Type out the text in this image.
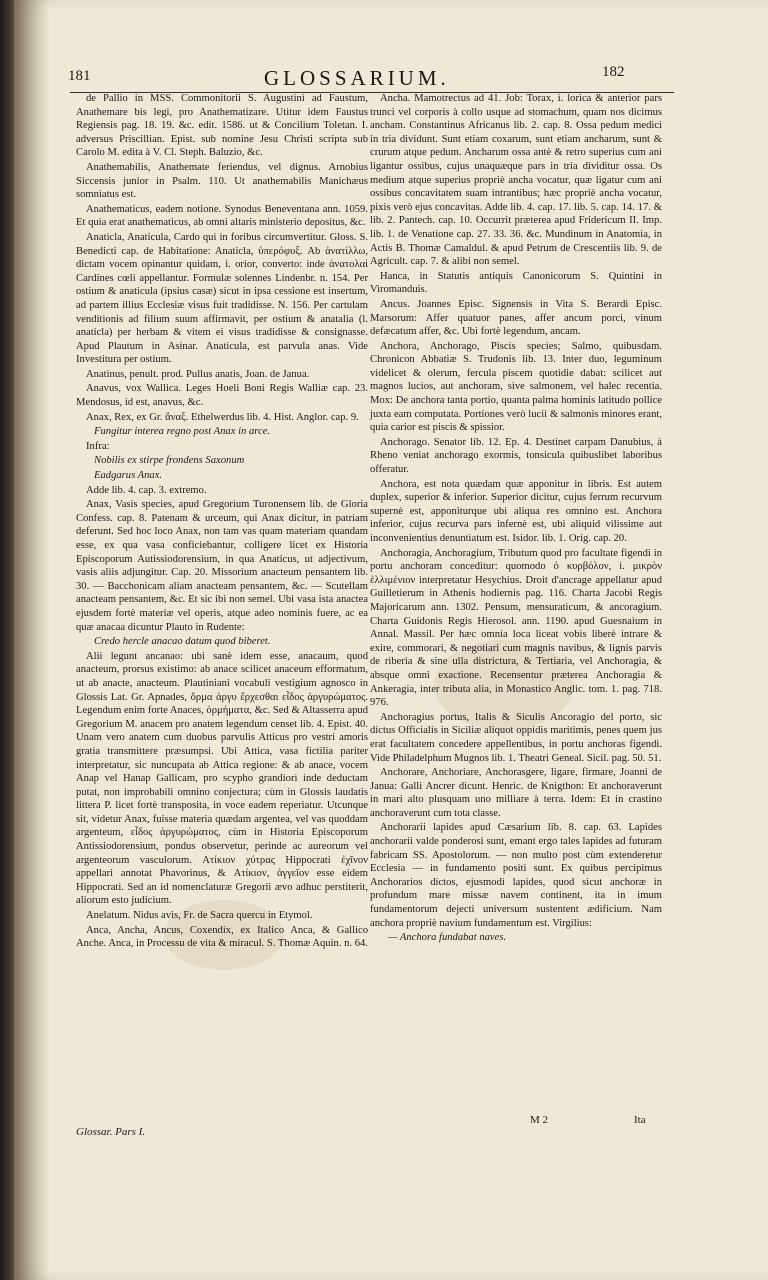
181	GLOSSARIUM.	182

de Pallio in MSS. Commonitorii S. Augustini ad Faustum, Anathemare bis legi, pro Anathematizare. Utitur idem Faustus Regiensis pag. 18. 19. &c. edit. 1586. ut & Concilium Toletan. I. adversus Priscillian. Epist. sub nomine Jesu Christi scripta sub Carolo M. edita à V. Cl. Steph. Baluzio, &c.

Anathemabilis, Anathemate feriendus, vel dignus. Arnobius Siccensis junior in Psalm. 110. Ut anathemabilis Manichæus somniatus est.

Anathematicus, eadem notione. Synodus Beneventana ann. 1059. Et quia erat anathematicus, ab omni altaris ministerio depositus, &c.

Anaticla, Anaticula, Cardo qui in foribus circumvertitur. Gloss. S. Benedicti cap. de Habitatione: Anaticla, ὑπερόφυξ. Ab ἀνατίλλω, dictam vocem opinantur quidam, i. orior, converto: inde ἀνατολαὶ Cardines cœli appellantur. Formulæ solennes Lindenbr. n. 154. Per ostium & anaticula (ipsius casæ) sicut in ipsa cessione est insertum, ad partem illius Ecclesiæ visus fuit tradidisse. N. 156. Per cartulam venditionis ad filium suum affirmavit, per ostium & anatalia (l. anaticla) per herbam & vitem ei visus tradidisse & consignasse. Apud Plautum in Asinar. Anaticula, est parvula anas. Vide Investitura per ostium.

Anatinus, penult. prod. Pullus anatis, Joan. de Janua.

Anavus, vox Wallica. Leges Hoeli Boni Regis Walliæ cap. 23. Mendosus, id est, anavus, &c.

Anax, Rex, ex Gr. ἄναξ. Ethelwerdus lib. 4. Hist. Anglor. cap. 9.

Fungitur interea regno post Anax in arce.

Infra:

Nobilis ex stirpe frondens Saxonum

Eadgarus Anax.

Adde lib. 4. cap. 3. extremo.

Anax, Vasis species, apud Gregorium Turonensem lib. de Gloria Confess. cap. 8. Patenam & urceum, qui Anax dicitur, in patriam deferunt. Sed hoc loco Anax, non tam vas quam materiam quandam esse, ex qua vasa conficiebantur, colligere licet ex Historia Episcoporum Autissiodorensium, in qua Anaticus, ut adjectivum, vasis aliis adjungitur. Cap. 20. Missorium anacteum pensantem lib. 30. — Bacchonicam aliam anacteam pensantem, &c. — Scutellam anacteam pensantem, &c. Et sic ibi non semel. Ubi vasa ista anactea ejusdem fortè materiæ vel operis, atque adeo nominis fuere, ac ea quæ anacaa dicuntur Plauto in Rudente:

Credo hercle anacao datum quod biberet.

Alii legunt ancanao: ubi sanè idem esse, anacaum, quod anacteum, prorsus existimo: ab anace scilicet anaceum efformatum, ut ab anacte, anacteum. Plautiniani vocabuli vestigium agnosco in Glossis Lat. Gr. Apnades, ὅρμα ἀργυ ἔρχεσθαι εἶδος ἀργυρώματος. Legendum enim forte Anaces, ὁρμήματα, &c. Sed & Altasserra apud Gregorium M. anacem pro anatem legendum censet lib. 4. Epist. 40. Unam vero anatem cum duobus parvulis Atticus pro vestri amoris gratia transmittere præsumpsi. Ubi Attica, vasa fictilia pariter interpretatur, sic nuncupata ab Attica regione: & ab anace, vocem Anap vel Hanap Gallicam, pro scypho grandiori inde deductam putat, non improbabili omnino conjectura; cùm in Glossis laudatis littera P. licet fortè transposita, in voce eadem reperiatur. Utcunque sit, videtur Anax, fuisse materia quædam argentea, vel vas quoddam argenteum, εἶδος ἀργυρώματος, cùm in Historia Episcoporum Antissiodorensium, pondus observetur, perinde ac aureorum vel argenteorum vasculorum. Ατίκιον χύτρας Hippocrati ἐχῖνον appellari annotat Phavorinus, & Ατίκιον, ἀγγεῖον esse eidem Hippocrati. Sed an id nomenclaturæ Gregorii ævo adhuc perstiterit, aliorum esto judicium.

Anelatum. Nidus avis, Fr. de Sacra quercu in Etymol.

Anca, Ancha, Ancus, Coxendix, ex Italico Anca, & Gallico Anche. Anca, in Processu de vita & miracul. S. Thomæ Aquin. n. 64.

Ancha. Mamotrectus ad 41. Job: Torax, i. lorica & anterior pars trunci vel corporis à collo usque ad stomachum, quam nos dicimus ancham. Constantinus Africanus lib. 2. cap. 8. Ossa pedum medici in tria dividunt. Sunt etiam coxarum, sunt etiam ancharum, sunt & crurum atque pedum. Ancharum ossa antè & retro superius cum ani ligantur ossibus, cujus unaquæque pars in tria dividitur ossa. Os medium atque superius propriè ancha vocatur, quæ ligatur cum ani ossibus concavitatem suam intrantibus; hæc propriè ancha vocatur, pixis verò ejus concavitas. Adde lib. 4. cap. 17. lib. 5. cap. 14. 17. & lib. 2. Pantech. cap. 10. Occurrit præterea apud Fridericum II. Imp. lib. 1. de Venatione cap. 27. 33. 36. &c. Mundinum in Anatomia, in Actis B. Thomæ Camaldul. & apud Petrum de Crescentiis lib. 9. de Agricult. cap. 7. & alibi non semel.

Hanca, in Statutis antiquis Canonicorum S. Quintini in Viromanduis.

Ancus. Joannes Episc. Signensis in Vita S. Berardi Episc. Marsorum: Affer quatuor panes, affer ancum porci, vinum defæcatum affer, &c. Ubi fortè legendum, ancam.

Anchora, Anchorago, Piscis species; Salmo, quibusdam. Chronicon Abbatiæ S. Trudonis lib. 13. Inter duo, leguminum videlicet & olerum, fercula piscem quotidie dabat: scilicet aut magnos lucios, aut anchoram, sive salmonem, vel halec recentia. Mox: De anchora tanta portio, quanta palma hominis latitudo pollice juxta eam computata. Portiones verò lucii & salmonis minores erant, quia carior est piscis & spissior.

Anchorago. Senator lib. 12. Ep. 4. Destinet carpam Danubius, à Rheno veniat anchorago exormis, tonsicula quibuslibet laboribus offeratur.

Anchora, est nota quædam quæ apponitur in libris. Est autem duplex, superior & inferior. Superior dicitur, cujus ferrum recurvum supernè est, apponiturque ubi aliqua res omnino est. Anchora inferior, cujus recurva pars infernè est, ubi aliquid vilissime aut inconvenientius denuntiatum est. Isidor. lib. 1. Orig. cap. 20.

Anchoragia, Anchoragium, Tributum quod pro facultate figendi in portu anchoram conceditur: quomodo ὁ κυρβόλον, i. μικρὸν ἐλλιμένιον interpretatur Hesychius. Droit d'ancrage appellatur apud Guilletierum in Athenis hodiernis pag. 116. Charta Jacobi Regis Majoricarum ann. 1302. Pensum, mensuraticum, & ancoragium. Charta Guidonis Regis Hierosol. ann. 1190. apud Guesnaium in Annal. Massil. Per hæc omnia loca liceat vobis liberè intrare & exire, commorari, & negotiari cum magnis navibus, & lignis parvis de riberia & sine ulla districtura, & Tertiaria, vel Anchoragia, & absque omni exactione. Recensentur præterea Anchoragia & Ankeragia, inter tributa alia, in Monastico Anglic. tom. 1. pag. 718. 976.

Anchoragius portus, Italis & Siculis Ancoragio del porto, sic dictus Officialis in Siciliæ aliquot oppidis maritimis, penes quem jus erat facultatem concedere appellentibus, in portu anchoras figendi. Vide Philadelphum Mugnos lib. 1. Theatri Geneal. Sicil. pag. 50. 51.

Anchorare, Anchoriare, Anchorasgere, ligare, firmare, Joanni de Janua: Galli Ancrer dicunt. Henric. de Knigthon: Et anchoraverunt in mari alto plusquam uno milliare à terra. Idem: Et in crastino anchoraverunt cum tota classe.

Anchorarii lapides apud Cæsarium lib. 8. cap. 63. Lapides anchorarii valde ponderosi sunt, emant ergo tales lapides ad futuram fabricam SS. Apostolorum. — non multo post cùm extenderetur Ecclesia — in fundamento positi sunt. Ex quibus percipimus Anchorarios dictos, ejusmodi lapides, quod sicut anchoræ in profundum mare missæ navem continent, ita in imum fundamentorum dejecti universum sustentent ædificium. Nam anchora propriè navium fundamentum est. Virgilius:

— Anchora fundabat naves.

Glossar. Pars I.
M 2	Ita
